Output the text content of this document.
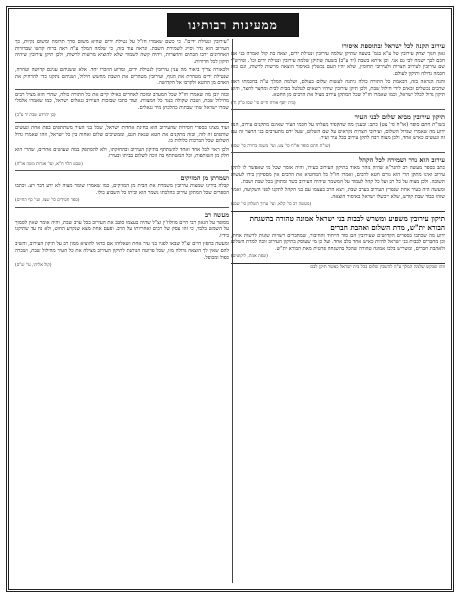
ממעינות רבותינו
עירוב תקנה לכל ישראל ובתוספת איסורו

גאון חנוך יצחק עירובין טל ע"א בגמ' בשעה שתיקן שלמה עירובין ונטילת ידים, יצאה בת קול ואמרה בני אם חכם לבך ישמח לבי גם אני. וכן איתא בשבת (יד ע"ב) בשעה שתיקן שלמה עירובין ונטילת ידים וכו'. ופירש"י שם עירובין לעירוב חצרות ולעירובי תחומין, שלא יהיו העם נכשלין באיסור הוצאה מרשות לרשות, וגם בזה חכמה גדולה ותיקון לעולם.

והנה הנראה בזה, דבאמת כל התורה כולה ניתנה לעשות שלום בעולם, ושלמה המלך ע"ה בחכמתו ראה שרבים נכשלים ובאים לידי חילול שבת, ולכן תיקן עירובין שיהיו רשאים לטלטל מבית לבית ומחצר לחצר, והוא תיקון גדול לכלל ישראל, וכמו שאמרו חז"ל שכל המתקן עירוב מציל את הרבים מן החטא.

(בית יוסף אורח חיים סי' שסו ס"ק ח')
תיקון עירובין מביא שלום לבני העיר

בשו"ת חתם סופר (או"ח סי' צט) כתב: ובענין מה שהקפיד מעלתו על חכמי העיר שאינם מתקנים עירוב, הנה ידוע מה שאמרו שגדול השלום, ועירובי חצרות נקראים על שם השלום, שעל ידם מתערבים בני החצר זה עם זה ונעשים כאיש אחד, ולכן מצוה רבה לתקן עירוב בכל עיר ועיר.

(שו"ת חתם סופר או"ח סי' צט, ועי' משנה ברורה סי' שסו)
עירוב הוא נדר ושמירה לכל הקהל

כתב בספר מעשה רב להגר"א שהיה נזהר מאוד בתיקון העירוב בעירו, והיה אומר שכל מי שאפשר לו לתקן עירוב ואינו מתקן הרי הוא גורם חטא לרבים, ואמרו חז"ל כל המחטיא את הרבים אין מספיקין בידו לעשות תשובה. ולכן מצוה על כל רב ועל כל קהל לעמוד על המשמר שיהיה העירוב כשר ומתוקן בכל שבת ושבת.

ומעשה היה בעיר אחת שנפרץ העירוב בערב שבת, ויצא הרב בעצמו עם בני הקהל לתקנו לפני השקיעה, ואמר שזהו כבוד שבת קודש, שלא ייכשלו ישראל באיסור הוצאה.

(מעשה רב סי' קלא, ועי' ערוך השלחן סי' שסג)
תיקון עירובין משפיע ומשרש לבבות בני ישראל אמונה טהורה בהשגחת הבורא ית"ש, מדת השלום ואהבת חברים

ידוע מה שכתבו בספרים הקדושים שעירובין הם סוד הייחוד והחיבור, שמחברים רשויות שונות לרשות אחת, וכן מחברים לבבות בני ישראל להיות כאיש אחד בלב אחד. ועל כן מי שעוסק בתיקון העירוב זוכה למדת השלום ולאהבת חברים, ומשריש בלבו אמונה טהורה שהכל בהשגחה פרטית מאת הבורא ית"ש.

(שפת אמת, ליקוטים)
וזהו שבקש שלמה המלך ע"ה להשכין שלום בכל בית ישראל כאשר תיקן לבם

"עירובין ונטילת ידים". כי כשם שאמרו חז"ל על נטילת ידים שהיא משום סרך תרומה ומשום נקיות, כך העירוב הוא גדר וסייג לשמירת השבת. ונראה עוד בזה, כי שלמה המלך ע"ה ראה ברוח קדשו שבדורות האחרונים ירבו הבתים והחצרות, ויהיה קשה לשמור שלא להוציא מרשות לרשות, ולכן תיקן עירובין שיהיה תיקון לכל הדורות.

ולכאורה צריך ביאור מה ענין עירובין לנטילת ידים, ומדוע הוזכרו יחד. אלא ששניהם ענינם קדושה וטהרה, שנטילת ידים מטהרת את הגוף, ועירובין מטהרים את השבת מחשש חילול, ושניהם נתקנו כדי להרחיק את האדם מן החטא ולקרבו אל הקדושה.

ובזה יובן מה שאמרו חז"ל שכל המערב ומזכה לאחרים כאילו קיים את כל התורה כולה, שהרי הוא מציל רבים מחילול שבת, ושבת שקולה כנגד כל המצוות. ועוד כתבו שבזכות העירוב נגאלים ישראל, כמו שאמרו אלמלי שמרו ישראל שתי שבתות כהלכתן מיד נגאלים.

(בן יהוידע שבת יד ע"ב)

ועוד מצינו בספרי חסידות שהעירוב הוא בחינת אחדות ישראל, שכל בני העיר משתתפים בפת אחת ונעשים שותפים זה לזה, ובזה מתקנים את חטא שנאת חנם, וממשיכים שלום ואחוה בין כל ישראל, וזהו שאמרו גדול השלום שכל הברכות כלולות בו.

ולכן ראוי לכל אחד ואחד להשתתף בתיקון העירוב ובהחזקתו, ולא להסתפק במה שעושים אחרים, שהרי הוא חלק מן השותפות, וכל המשתתף בה זוכה לשלום בביתו ובעירו.

(שבט הלוי ח"א, ועי' אגרות משה או"ח)
ושמרתן מן המזיקים

קבלה בידינו שמצות עירובין משמרת את הבית מן המזיקים, כמו שאמרו שומר מצוה לא ידע דבר רע. וכתבו הספרים שכל המתקן עירוב כהלכתו נשמר הוא וביתו כל השבוע כולו.

(ספר חסידים סי' שצז, ועי' כף החיים)
מעשה רב

מסופר על הגאון רבי חיים מוולוז'ין זצ"ל שהיה בעצמו סובב את העירוב בכל ערב שבת, והיה אומר שאין לסמוך על השמש בלבד, כי זהו עסק של רבים ואחריותו על הרב. ופעם אחת מצא שנקרע החוט, ולא נח עד שתיקנו בידיו.

ומעשה בחפץ חיים זצ"ל שבאו לפניו בני עיר אחת ושאלוהו אם כדאי להוציא ממון רב על תיקון העירוב, והשיב להם שאין לך הוצאה גדולה מזו, שכל פרוטה הנותנת לתיקון העירוב מצילה את כל העיר מחילול שבת, ושכרה כפול ומכופל.

(קול אליהו, עי' ש"ס)
